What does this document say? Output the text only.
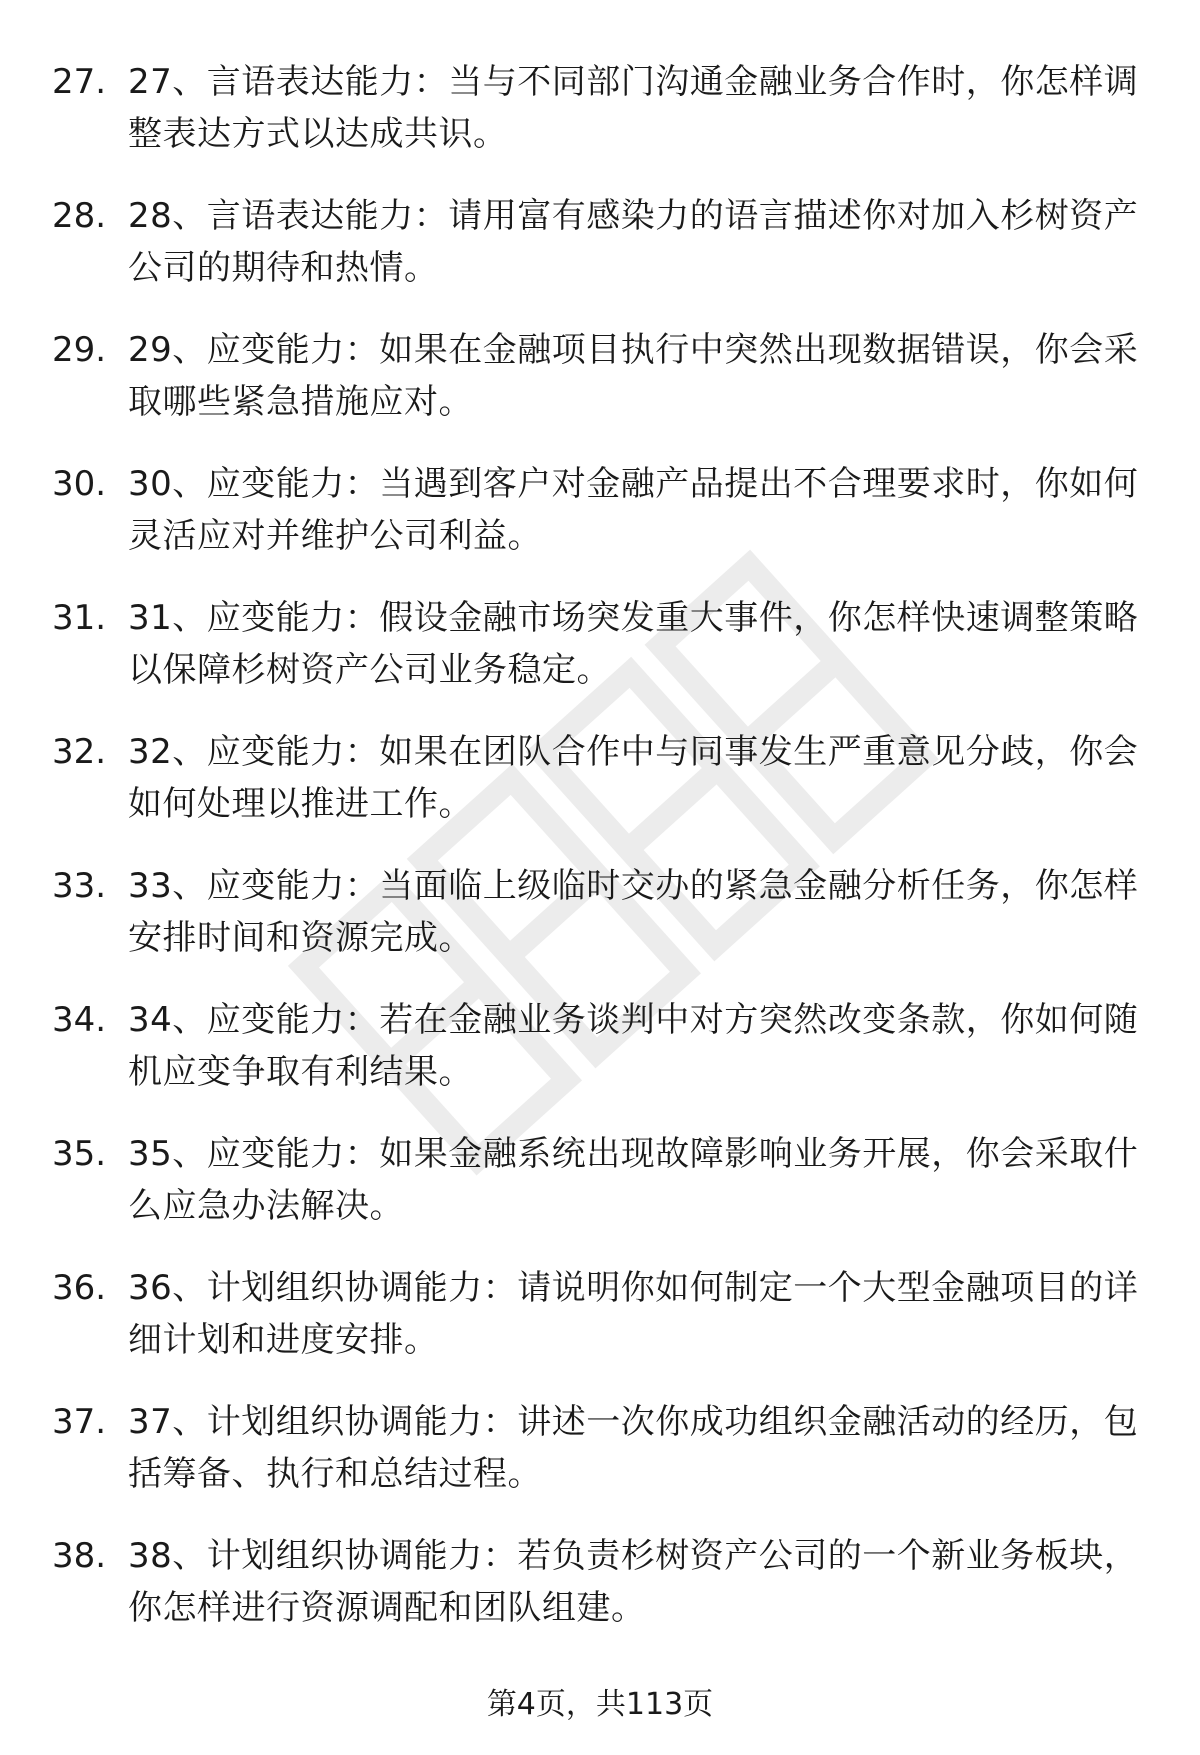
27. 27、言语表达能力：当与不同部门沟通金融业务合作时，你怎样调整表达方式以达成共识。
28. 28、言语表达能力：请用富有感染力的语言描述你对加入杉树资产公司的期待和热情。
29. 29、应变能力：如果在金融项目执行中突然出现数据错误，你会采取哪些紧急措施应对。
30. 30、应变能力：当遇到客户对金融产品提出不合理要求时，你如何灵活应对并维护公司利益。
31. 31、应变能力：假设金融市场突发重大事件，你怎样快速调整策略以保障杉树资产公司业务稳定。
32. 32、应变能力：如果在团队合作中与同事发生严重意见分歧，你会如何处理以推进工作。
33. 33、应变能力：当面临上级临时交办的紧急金融分析任务，你怎样安排时间和资源完成。
34. 34、应变能力：若在金融业务谈判中对方突然改变条款，你如何随机应变争取有利结果。
35. 35、应变能力：如果金融系统出现故障影响业务开展，你会采取什么应急办法解决。
36. 36、计划组织协调能力：请说明你如何制定一个大型金融项目的详细计划和进度安排。
37. 37、计划组织协调能力：讲述一次你成功组织金融活动的经历，包括筹备、执行和总结过程。
38. 38、计划组织协调能力：若负责杉树资产公司的一个新业务板块，你怎样进行资源调配和团队组建。
第4页，共113页
